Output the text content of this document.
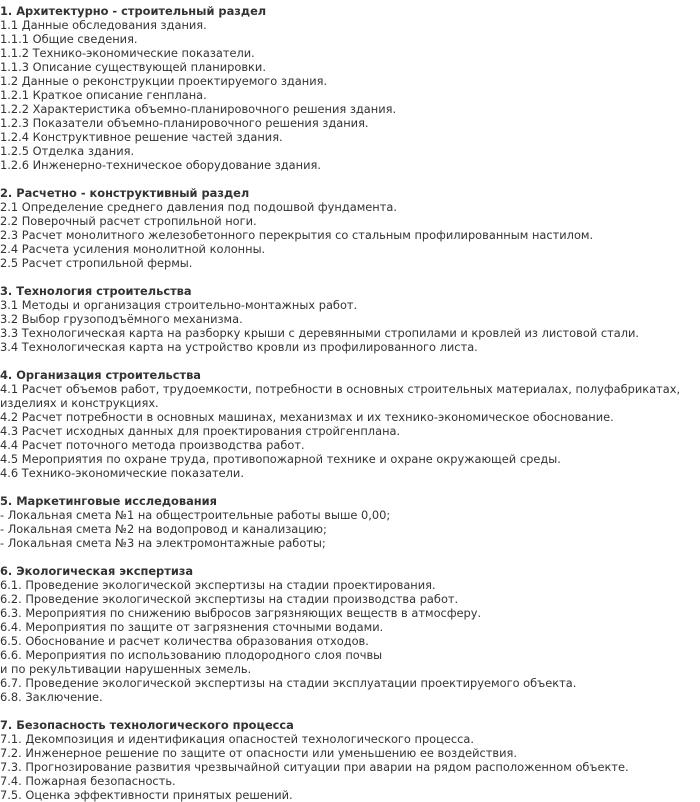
1. Архитектурно - строительный раздел
1.1 Данные обследования здания.
1.1.1 Общие сведения.
1.1.2 Технико-экономические показатели.
1.1.3 Описание существующей планировки.
1.2 Данные о реконструкции проектируемого здания.
1.2.1 Краткое описание генплана.
1.2.2 Характеристика объемно-планировочного решения здания.
1.2.3 Показатели объемно-планировочного решения здания.
1.2.4 Конструктивное решение частей здания.
1.2.5 Отделка здания.
1.2.6 Инженерно-техническое оборудование здания.
2. Расчетно - конструктивный раздел
2.1 Определение среднего давления под подошвой фундамента.
2.2 Поверочный расчет стропильной ноги.
2.3 Расчет монолитного железобетонного перекрытия со стальным профилированным настилом.
2.4 Расчета усиления монолитной колонны.
2.5 Расчет стропильной фермы.
3. Технология строительства
3.1 Методы и организация строительно-монтажных работ.
3.2 Выбор грузоподъёмного механизма.
3.3 Технологическая карта на разборку крыши с деревянными стропилами и кровлей из листовой стали.
3.4 Технологическая карта на устройство кровли из профилированного листа.
4. Организация строительства
4.1 Расчет объемов работ, трудоемкости, потребности в основных строительных материалах, полуфабрикатах, изделиях и конструкциях.
4.2 Расчет потребности в основных машинах, механизмах и их технико-экономическое обоснование.
4.3 Расчет исходных данных для проектирования стройгенплана.
4.4 Расчет поточного метода производства работ.
4.5 Мероприятия по охране труда, противопожарной технике и охране окружающей среды.
4.6 Технико-экономические показатели.
5. Маркетинговые исследования
- Локальная смета №1 на общестроительные работы выше 0,00;
- Локальная смета №2 на водопровод и канализацию;
- Локальная смета №3 на электромонтажные работы;
6. Экологическая экспертиза
6.1. Проведение экологической экспертизы на стадии проектирования.
6.2. Проведение экологической экспертизы на стадии производства работ.
6.3. Мероприятия по снижению выбросов загрязняющих веществ в атмосферу.
6.4. Мероприятия по защите от загрязнения сточными водами.
6.5. Обоснование и расчет количества образования отходов.
6.6. Мероприятия по использованию плодородного слоя почвы
и по рекультивации нарушенных земель.
6.7. Проведение экологической экспертизы на стадии эксплуатации проектируемого объекта.
6.8. Заключение.
7. Безопасность технологического процесса
7.1. Декомпозиция и идентификация опасностей технологического процесса.
7.2. Инженерное решение по защите от опасности или уменьшению ее воздействия.
7.3. Прогнозирование развития чрезвычайной ситуации при аварии на рядом расположенном объекте.
7.4. Пожарная безопасность.
7.5. Оценка эффективности принятых решений.
